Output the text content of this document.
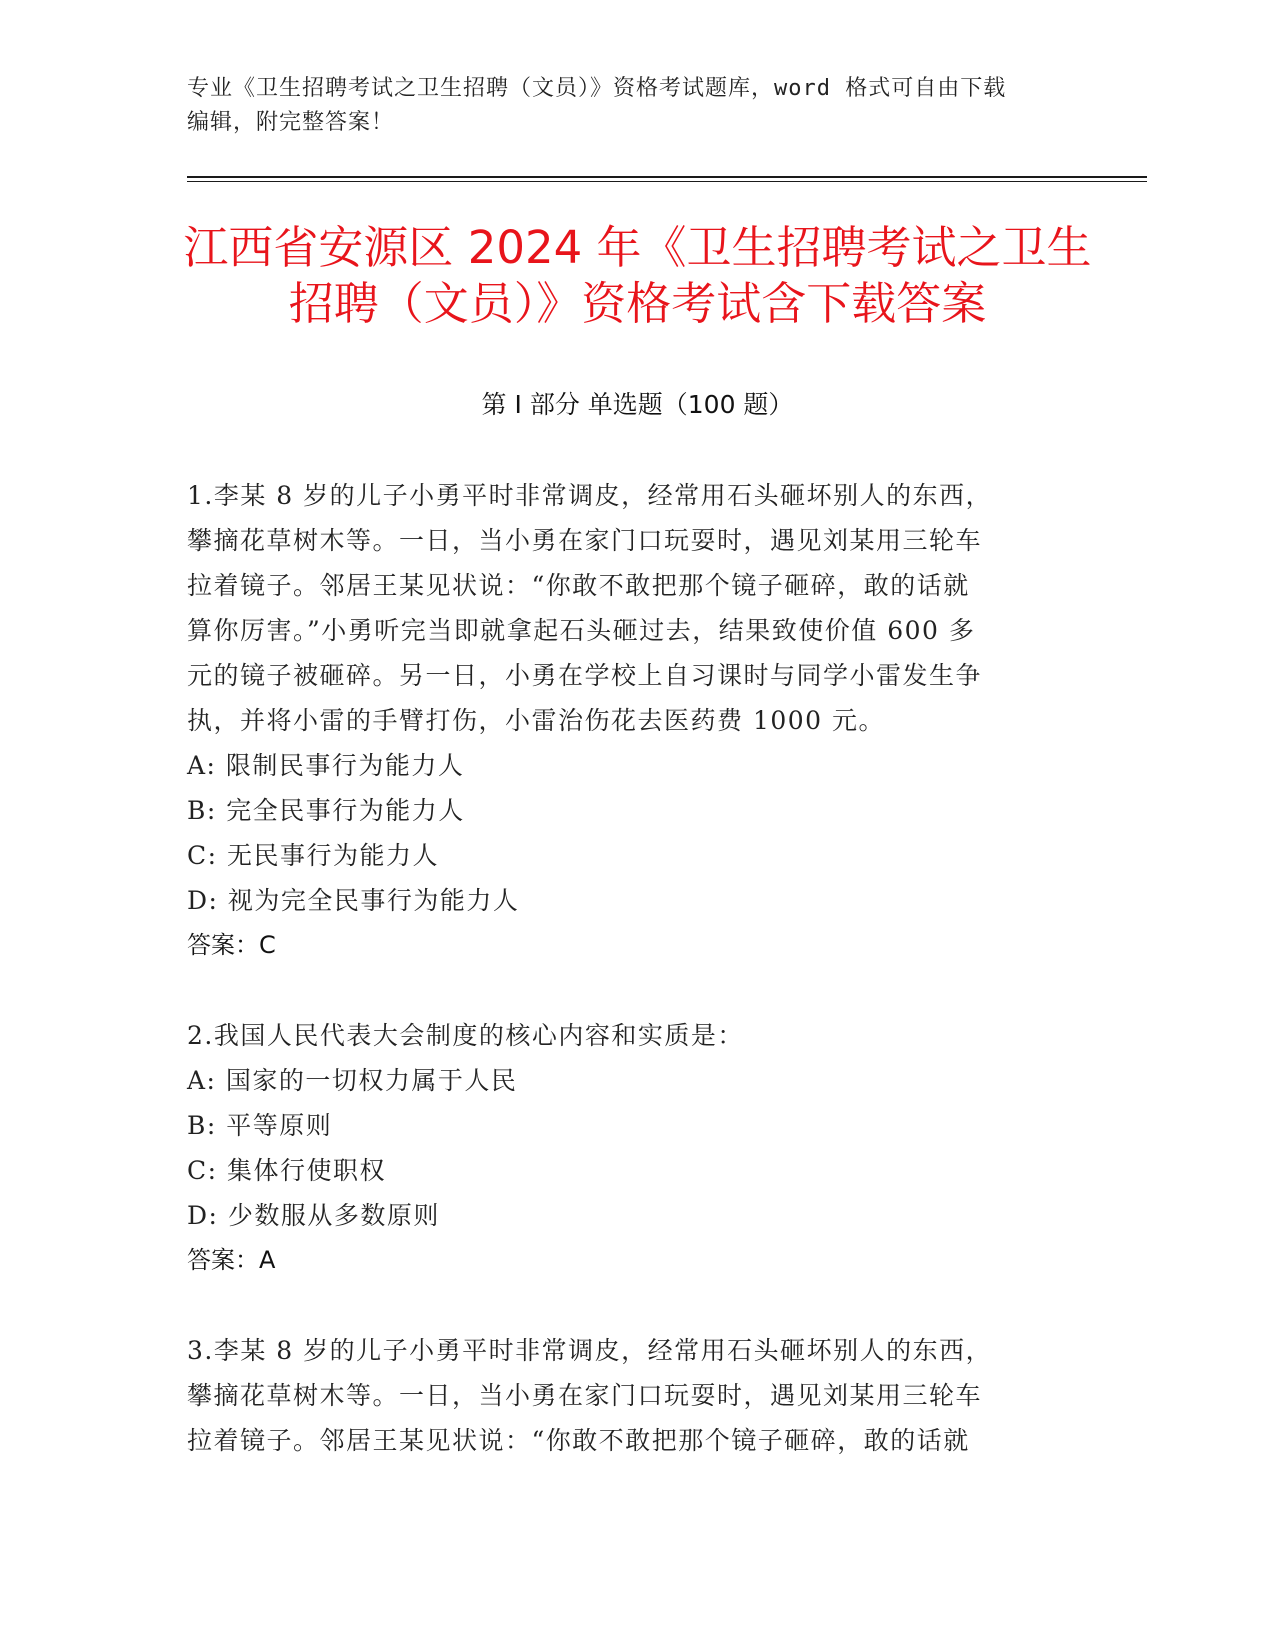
专业《卫生招聘考试之卫生招聘（文员）》资格考试题库，word 格式可自由下载
编辑，附完整答案！
江西省安源区 2024 年《卫生招聘考试之卫生
招聘（文员）》资格考试含下载答案
第 I 部分 单选题（100 题）
1.李某 8 岁的儿子小勇平时非常调皮，经常用石头砸坏别人的东西，
攀摘花草树木等。一日，当小勇在家门口玩耍时，遇见刘某用三轮车
拉着镜子。邻居王某见状说：“你敢不敢把那个镜子砸碎，敢的话就
算你厉害。”小勇听完当即就拿起石头砸过去，结果致使价值 600 多
元的镜子被砸碎。另一日，小勇在学校上自习课时与同学小雷发生争
执，并将小雷的手臂打伤，小雷治伤花去医药费 1000 元。
A: 限制民事行为能力人
B: 完全民事行为能力人
C: 无民事行为能力人
D: 视为完全民事行为能力人
答案：C
2.我国人民代表大会制度的核心内容和实质是：
A: 国家的一切权力属于人民
B: 平等原则
C: 集体行使职权
D: 少数服从多数原则
答案：A
3.李某 8 岁的儿子小勇平时非常调皮，经常用石头砸坏别人的东西，
攀摘花草树木等。一日，当小勇在家门口玩耍时，遇见刘某用三轮车
拉着镜子。邻居王某见状说：“你敢不敢把那个镜子砸碎，敢的话就
